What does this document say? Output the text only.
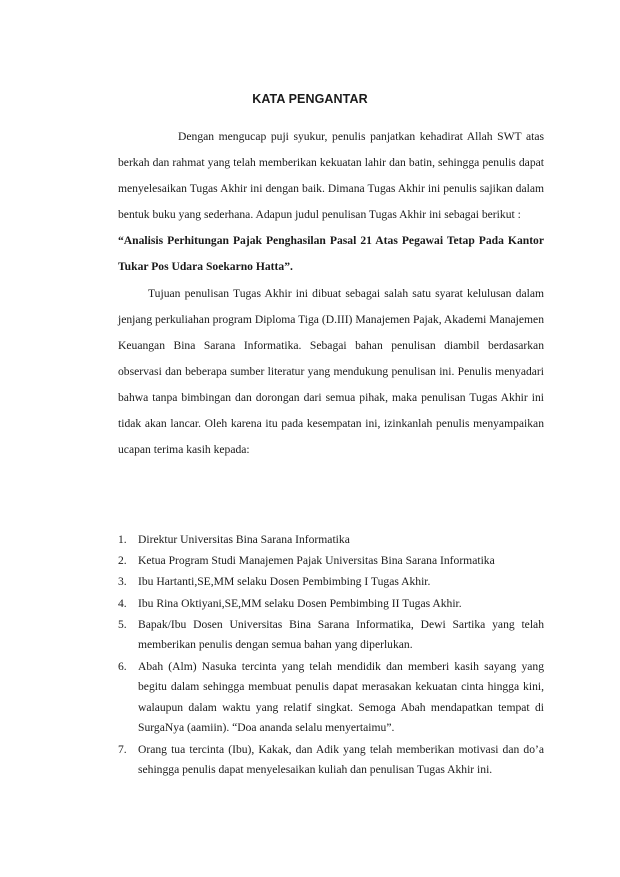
KATA PENGANTAR

Dengan mengucap puji syukur, penulis panjatkan kehadirat Allah SWT atas berkah dan rahmat yang telah memberikan kekuatan lahir dan batin, sehingga penulis dapat menyelesaikan Tugas Akhir ini dengan baik. Dimana Tugas Akhir ini penulis sajikan dalam bentuk buku yang sederhana. Adapun judul penulisan Tugas Akhir ini sebagai berikut :

“Analisis Perhitungan Pajak Penghasilan Pasal 21 Atas Pegawai Tetap Pada Kantor Tukar Pos Udara Soekarno Hatta”.

Tujuan penulisan Tugas Akhir ini dibuat sebagai salah satu syarat kelulusan dalam jenjang perkuliahan program Diploma Tiga (D.III) Manajemen Pajak, Akademi Manajemen Keuangan Bina Sarana Informatika. Sebagai bahan penulisan diambil berdasarkan observasi dan beberapa sumber literatur yang mendukung penulisan ini. Penulis menyadari bahwa tanpa bimbingan dan dorongan dari semua pihak, maka penulisan Tugas Akhir ini tidak akan lancar. Oleh karena itu pada kesempatan ini, izinkanlah penulis menyampaikan ucapan terima kasih kepada:

1. Direktur Universitas Bina Sarana Informatika
2. Ketua Program Studi Manajemen Pajak Universitas Bina Sarana Informatika
3. Ibu Hartanti,SE,MM selaku Dosen Pembimbing I Tugas Akhir.
4. Ibu Rina Oktiyani,SE,MM selaku Dosen Pembimbing II Tugas Akhir.
5. Bapak/Ibu Dosen Universitas Bina Sarana Informatika, Dewi Sartika yang telah memberikan penulis dengan semua bahan yang diperlukan.
6. Abah (Alm) Nasuka tercinta yang telah mendidik dan memberi kasih sayang yang begitu dalam sehingga membuat penulis dapat merasakan kekuatan cinta hingga kini, walaupun dalam waktu yang relatif singkat. Semoga Abah mendapatkan tempat di SurgaNya (aamiin). “Doa ananda selalu menyertaimu”.
7. Orang tua tercinta (Ibu), Kakak, dan Adik yang telah memberikan motivasi dan do’a sehingga penulis dapat menyelesaikan kuliah dan penulisan Tugas Akhir ini.
